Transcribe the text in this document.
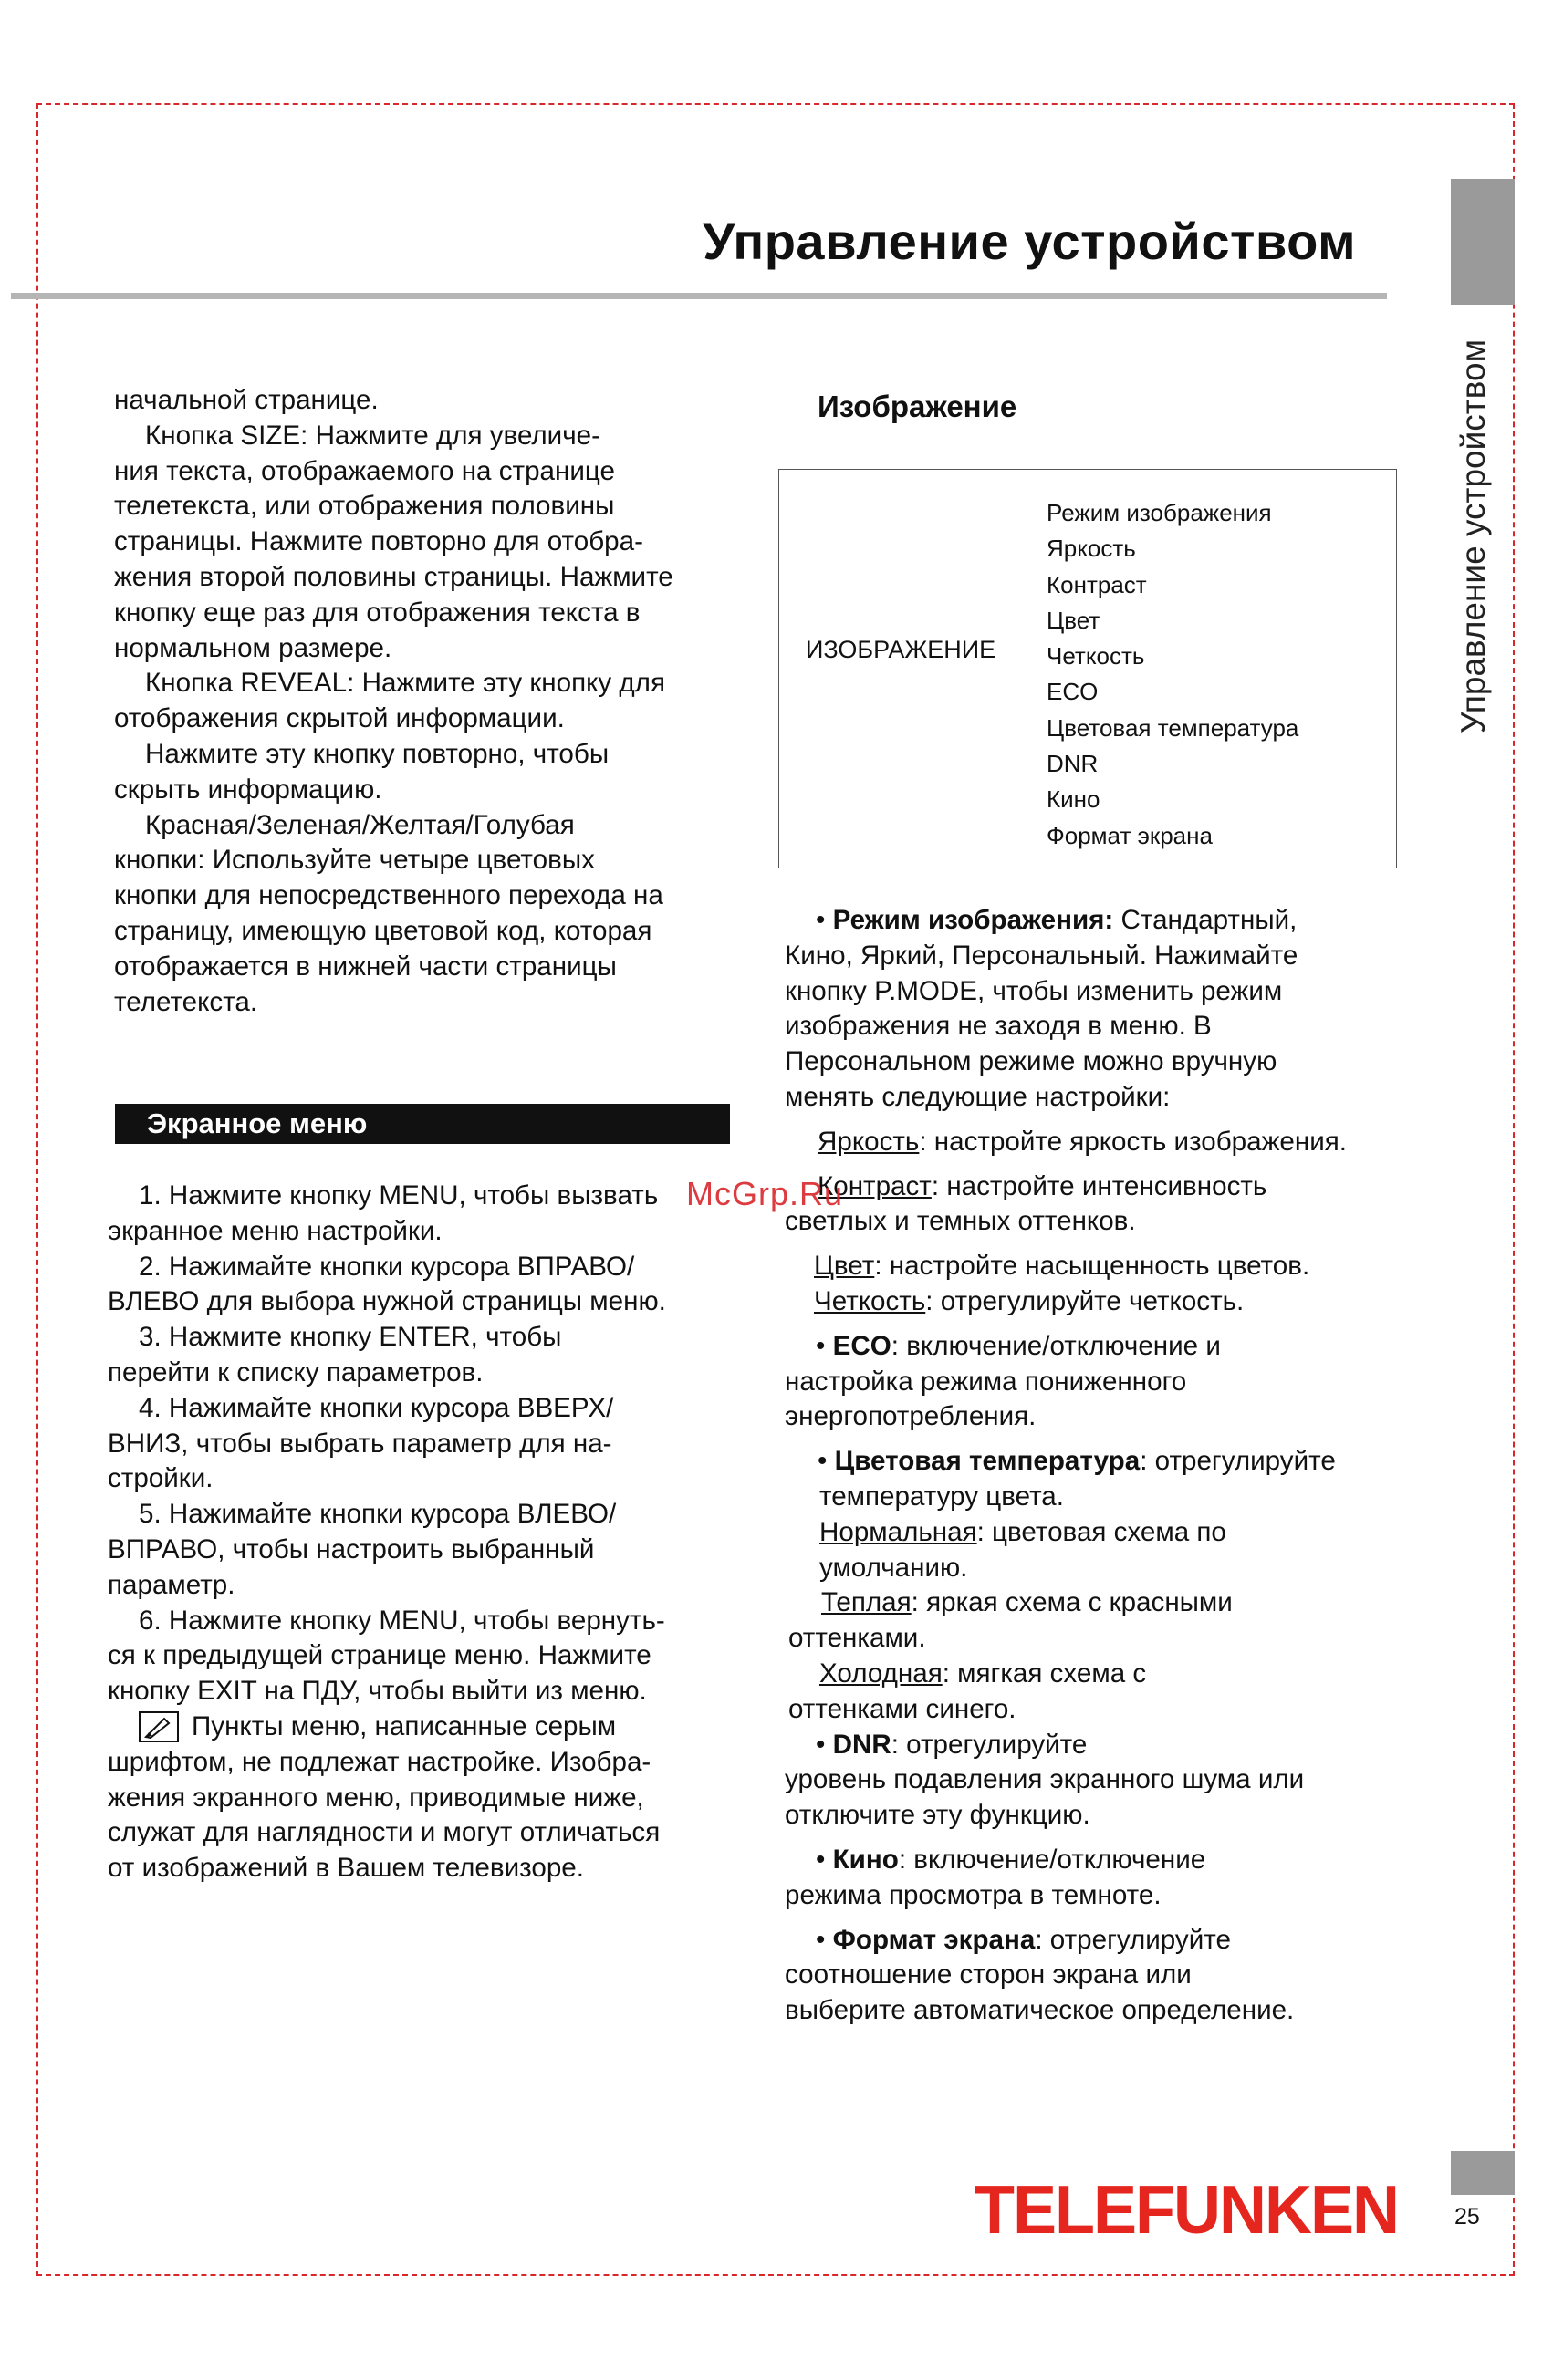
Управление устройством
Управление устройством

начальной странице.

Кнопка SIZE: Нажмите для увеличе-

ния текста, отображаемого на странице

телетекста, или отображения половины

страницы. Нажмите повторно для отобра-

жения второй половины страницы. Нажмите

кнопку еще раз для отображения текста в

нормальном размере.

Кнопка REVEAL: Нажмите эту кнопку для

отображения скрытой информации.

Нажмите эту кнопку повторно, чтобы

скрыть информацию.

Красная/Зеленая/Желтая/Голубая

кнопки: Используйте четыре цветовых

кнопки для непосредственного перехода на

страницу, имеющую цветовой код, которая

отображается в нижней части страницы

телетекста.

Экранное меню

1. Нажмите кнопку MENU, чтобы вызвать

экранное меню настройки.

2. Нажимайте кнопки курсора ВПРАВО/

ВЛЕВО для выбора нужной страницы меню.

3. Нажмите кнопку ENTER, чтобы

перейти к списку параметров.

4. Нажимайте кнопки курсора ВВЕРХ/

ВНИЗ, чтобы выбрать параметр для на-

стройки.

5. Нажимайте кнопки курсора ВЛЕВО/

ВПРАВО, чтобы настроить выбранный

параметр.

6. Нажмите кнопку MENU, чтобы вернуть-

ся к предыдущей странице меню. Нажмите

кнопку EXIT на ПДУ, чтобы выйти из меню.

Пункты меню, написанные серым

шрифтом, не подлежат настройке. Изобра-

жения экранного меню, приводимые ниже,

служат для наглядности и могут отличаться

от изображений в Вашем телевизоре.

Изображение
ИЗОБРАЖЕНИЕ
Режим изображения
Яркость
Контраст
Цвет
Четкость
ECO
Цветовая температура
DNR
Кино
Формат экрана

• Режим изображения: Стандартный,

Кино, Яркий, Персональный. Нажимайте

кнопку P.MODE, чтобы изменить режим

изображения не заходя в меню. В

Персональном режиме можно вручную

менять следующие настройки:

Яркость: настройте яркость изображения.

Контраст: настройте интенсивность

светлых и темных оттенков.

Цвет: настройте насыщенность цветов.

Четкость: отрегулируйте четкость.

• ECO: включение/отключение и

настройка режима пониженного

энергопотребления.

• Цветовая температура: отрегулируйте

температуру цвета.

Нормальная: цветовая схема по

умолчанию.

Теплая: яркая схема с красными

оттенками.

Холодная: мягкая схема с

оттенками синего.

• DNR: отрегулируйте

уровень подавления экранного шума или

отключите эту функцию.

• Кино: включение/отключение

режима просмотра в темноте.

• Формат экрана: отрегулируйте

соотношение сторон экрана или

выберите автоматическое определение.

McGrp.Ru
TELEFUNKEN 25
